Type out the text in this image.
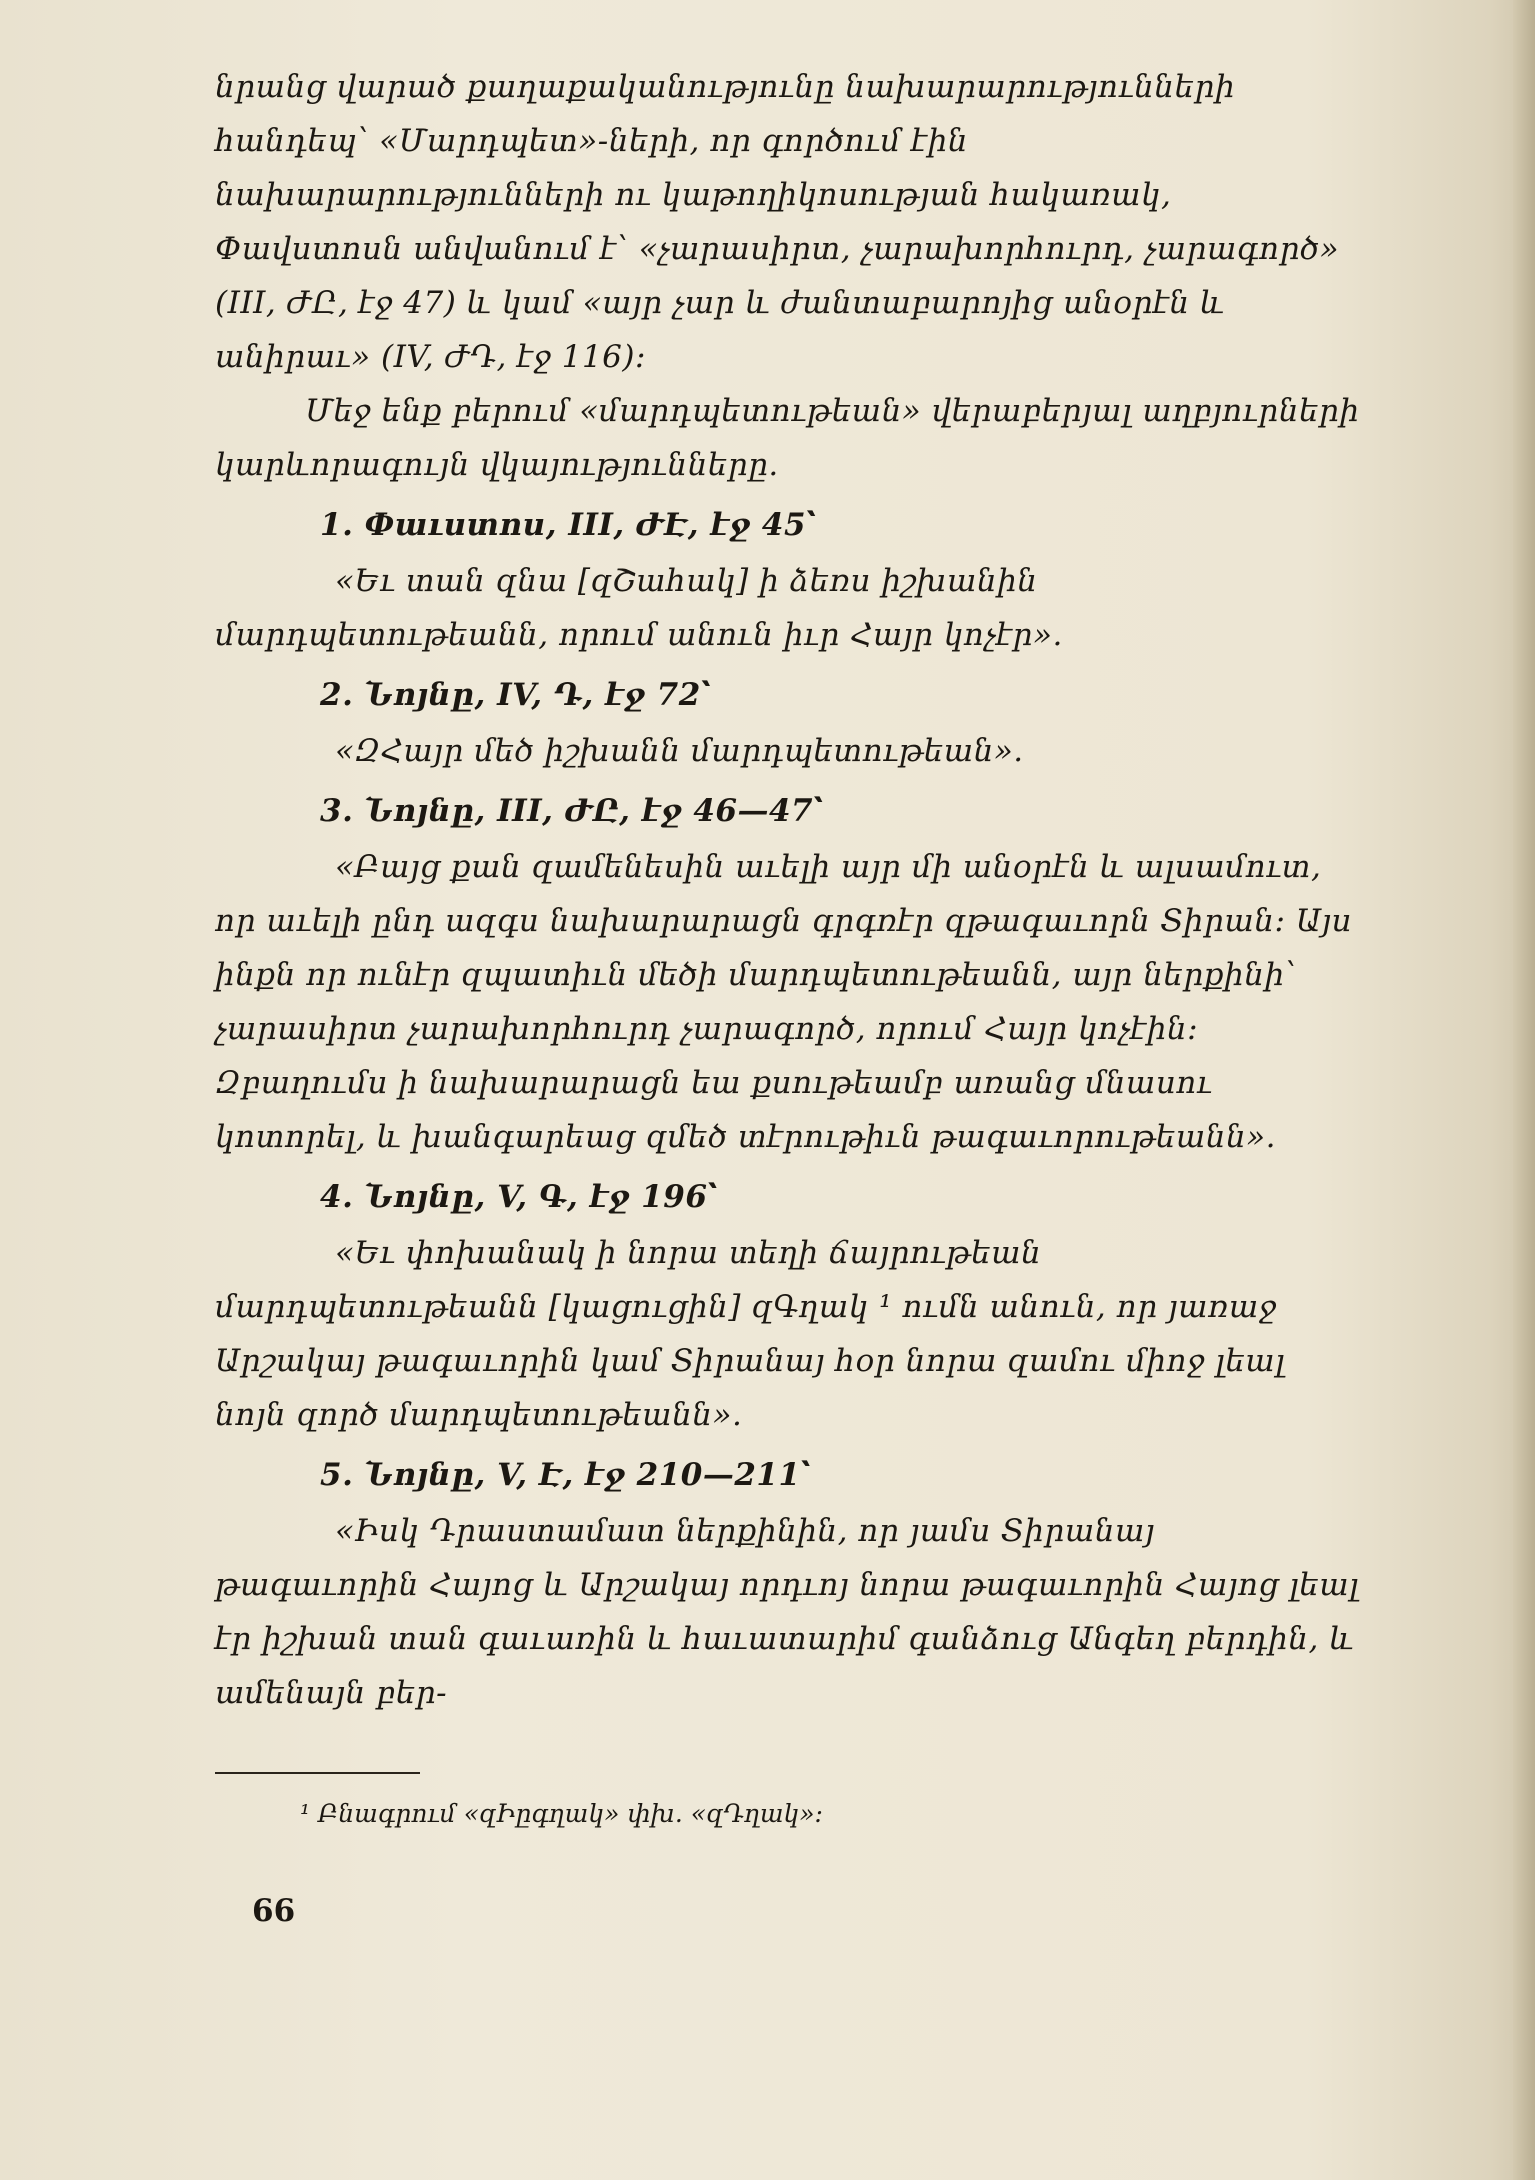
նրանց վարած քաղաքականությունը նախարարությունների հանդեպ՝ «Մարդպետ»-ների, որ գործում էին նախարարությունների ու կաթողիկոսության հակառակ, Փավստոսն անվանում է՝ «չարասիրտ, չարախորհուրդ, չարագործ» (III, ԺԸ, էջ 47) և կամ «այր չար և ժանտաբարոյից անօրէն և անիրաւ» (IV, ԺԴ, էջ 116)։

Մեջ ենք բերում «մարդպետութեան» վերաբերյալ աղբյուրների կարևորագույն վկայությունները.

1. Փաւստոս, III, ԺԷ, էջ 45՝

«Եւ տան զնա [զՇահակ] ի ձեռս իշխանին մարդպետութեանն, որում անուն իւր Հայր կոչէր».

2. Նոյնը, IV, Դ, էջ 72՝

«ԶՀայր մեծ իշխանն մարդպետութեան».

3. Նոյնը, III, ԺԸ, էջ 46—47՝

«Բայց քան զամենեսին աւելի այր մի անօրէն և ալսամուտ, որ աւելի ընդ ազգս նախարարացն գրգռէր զթագաւորն Տիրան։ Այս ինքն որ ունէր զպատիւն մեծի մարդպետութեանն, այր ներքինի՝ չարասիրտ չարախորհուրդ չարագործ, որում Հայր կոչէին։ Զբաղումս ի նախարարացն եա քսութեամբ առանց մնասու կոտորել, և խանգարեաց զմեծ տէրութիւն թագաւորութեանն».

4. Նոյնը, V, Գ, էջ 196՝

«Եւ փոխանակ ի նորա տեղի ճայրութեան մարդպետութեանն [կացուցին] զԳղակ ¹ ումն անուն, որ յառաջ Արշակայ թագաւորին կամ Տիրանայ հօր նորա զամու միոջ լեալ նոյն զործ մարդպետութեանն».

5. Նոյնը, V, Է, էջ 210—211՝

«Իսկ Դրաստամատ ներքինին, որ յամս Տիրանայ թագաւորին Հայոց և Արշակայ որդւոյ նորա թագաւորին Հայոց լեալ էր իշխան տան գաւառին և հաւատարիմ գանձուց Անգեղ բերդին, և ամենայն բեր-

¹ Բնագրում «զԻըգղակ» փխ. «զԴղակ»։
66
